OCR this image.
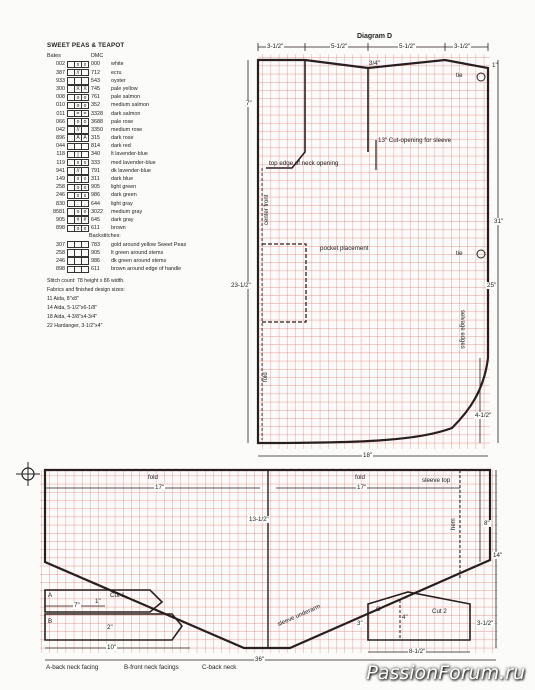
SWEET PEAS & TEAPOT
Bates	DMC
002	x x 000	white
387	//	712	ecru
933	543	oyster
300	X X 745	pale yellow
008	o o 761	pale salmon
010	o o 352	medium salmon
011	= = 3328	dark salmon
066	o o 3688	pale rose
042	//	3350	medium rose
896	A A 315	dark rose
044	814	dark red
118	|	340	lt lavender-blue
119	x x 333	med lavender-blue
941	//	791	dk lavender-blue
149	x x 311	dark blue
258	o o 905	light green
246	x x 986	dark green
830	.	. 644	light gray
8581	o o 3022	medium gray
905	# # 645	dark gray
898	o o 611	brown
Backstitches:
307	783	gold around yellow Sweet Peas
258	905	lt green around stems
246	986	dk green around stems
898	611	brown around edge of handle
Stitch count: 78 height x 86 width.
Fabrics and finished design sizes:
11 Aida, 8"x8"
14 Aida, 5-1/2"x6-1/8"
18 Aida, 4-3/8"x4-3/4"
22 Hardanger, 3-1/2"x4"
Diagram D
3-1/2"	5-1/2"	5-1/2"	3-1/2"
3/4"	1"
tie
tie
7"
13" Cut-opening for sleeve
top edge of neck opening
center front
pocket placement
23-1/2"
31"
25"
selvage edges
fold
4-1/2"
18"
fold	fold	sleeve top
17"	17"
13-1/2"
8"
14"
hem
A	Cut 1
7"
1"
B
2"
10"
sleeve underarm	C	Cut 2
3"
4"
3-1/2"
8-1/2"
36"
A-back neck facing	B-front neck facings	C-back neck	PassionForum.ru
